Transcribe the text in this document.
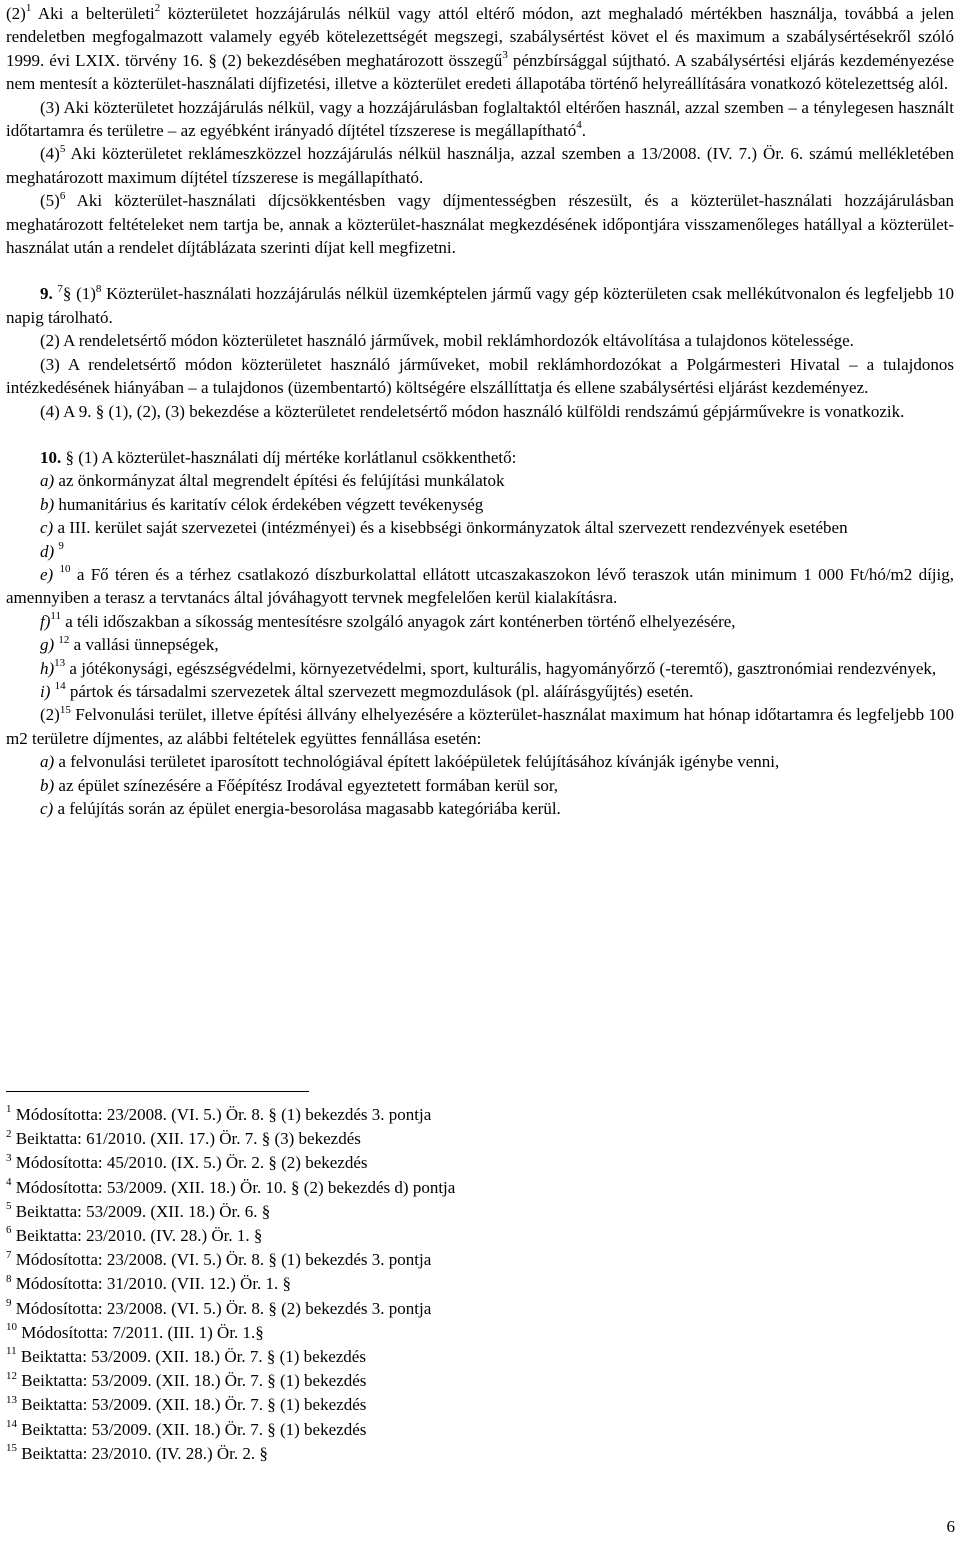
$(2)^1$ Aki a belterületi$^2$ közterületet hozzájárulás nélkül vagy attól eltérő módon, azt meghaladó mértékben használja, továbbá a jelen rendeletben megfogalmazott valamely egyéb kötelezettségét megszegi, szabálysértést követ el és maximum a szabálysértésekről szóló 1999. évi LXIX. törvény 16. § (2) bekezdésében meghatározott összegű$^3$ pénzbírsággal sújtható. A szabálysértési eljárás kezdeményezése nem mentesít a közterület-használati díjfizetési, illetve a közterület eredeti állapotába történő helyreállítására vonatkozó kötelezettség alól.

(3) Aki közterületet hozzájárulás nélkül, vagy a hozzájárulásban foglaltaktól eltérően használ, azzal szemben – a ténylegesen használt időtartamra és területre – az egyébként irányadó díjtétel tízszerese is megállapítható$^4$.

$(4)^5$ Aki közterületet reklámeszközzel hozzájárulás nélkül használja, azzal szemben a 13/2008. (IV. 7.) Ör. 6. számú mellékletében meghatározott maximum díjtétel tízszerese is megállapítható.

$(5)^6$ Aki közterület-használati díjcsökkentésben vagy díjmentességben részesült, és a közterület-használati hozzájárulásban meghatározott feltételeket nem tartja be, annak a közterület-használat megkezdésének időpontjára visszamenőleges hatállyal a közterület-használat után a rendelet díjtáblázata szerinti díjat kell megfizetni.

9. $^7$§ $(1)^8$ Közterület-használati hozzájárulás nélkül üzemképtelen jármű vagy gép közterületen csak mellékútvonalon és legfeljebb 10 napig tárolható.

(2) A rendeletsértő módon közterületet használó járművek, mobil reklámhordozók eltávolítása a tulajdonos kötelessége.

(3) A rendeletsértő módon közterületet használó járműveket, mobil reklámhordozókat a Polgármesteri Hivatal – a tulajdonos intézkedésének hiányában – a tulajdonos (üzembentartó) költségére elszállíttatja és ellene szabálysértési eljárást kezdeményez.

(4) A 9. § (1), (2), (3) bekezdése a közterületet rendeletsértő módon használó külföldi rendszámú gépjárművekre is vonatkozik.

10. § (1) A közterület-használati díj mértéke korlátlanul csökkenthető:

a) az önkormányzat által megrendelt építési és felújítási munkálatok

b) humanitárius és karitatív célok érdekében végzett tevékenység

c) a III. kerület saját szervezetei (intézményei) és a kisebbségi önkormányzatok által szervezett rendezvények esetében

d) $^9$

e) $^{10}$ a Fő téren és a térhez csatlakozó díszburkolattal ellátott utcaszakaszokon lévő teraszok után minimum 1 000 Ft/hó/m2 díjig, amennyiben a terasz a tervtanács által jóváhagyott tervnek megfelelően kerül kialakításra.

f)$^{11}$ a téli időszakban a síkosság mentesítésre szolgáló anyagok zárt konténerben történő elhelyezésére,

g) $^{12}$ a vallási ünnepségek,

h)$^{13}$ a jótékonysági, egészségvédelmi, környezetvédelmi, sport, kulturális, hagyományőrző (-teremtő), gasztronómiai rendezvények,

i) $^{14}$ pártok és társadalmi szervezetek által szervezett megmozdulások (pl. aláírásgyűjtés) esetén.

$(2)^{15}$ Felvonulási terület, illetve építési állvány elhelyezésére a közterület-használat maximum hat hónap időtartamra és legfeljebb 100 m2 területre díjmentes, az alábbi feltételek együttes fennállása esetén:

a) a felvonulási területet iparosított technológiával épített lakóépületek felújításához kívánják igénybe venni,

b) az épület színezésére a Főépítész Irodával egyeztetett formában kerül sor,

c) a felújítás során az épület energia-besorolása magasabb kategóriába kerül.

$^1$ Módosította: 23/2008. (VI. 5.) Ör. 8. § (1) bekezdés 3. pontja
$^2$ Beiktatta: 61/2010. (XII. 17.) Ör. 7. § (3) bekezdés
$^3$ Módosította: 45/2010. (IX. 5.) Ör. 2. § (2) bekezdés
$^4$ Módosította: 53/2009. (XII. 18.) Ör. 10. § (2) bekezdés d) pontja
$^5$ Beiktatta: 53/2009. (XII. 18.) Ör. 6. §
$^6$ Beiktatta: 23/2010. (IV. 28.) Ör. 1. §
$^7$ Módosította: 23/2008. (VI. 5.) Ör. 8. § (1) bekezdés 3. pontja
$^8$ Módosította: 31/2010. (VII. 12.) Ör. 1. §
$^9$ Módosította: 23/2008. (VI. 5.) Ör. 8. § (2) bekezdés 3. pontja
$^{10}$ Módosította: 7/2011. (III. 1) Ör. 1.§
$^{11}$ Beiktatta: 53/2009. (XII. 18.) Ör. 7. § (1) bekezdés
$^{12}$ Beiktatta: 53/2009. (XII. 18.) Ör. 7. § (1) bekezdés
$^{13}$ Beiktatta: 53/2009. (XII. 18.) Ör. 7. § (1) bekezdés
$^{14}$ Beiktatta: 53/2009. (XII. 18.) Ör. 7. § (1) bekezdés
$^{15}$ Beiktatta: 23/2010. (IV. 28.) Ör. 2. §
6
